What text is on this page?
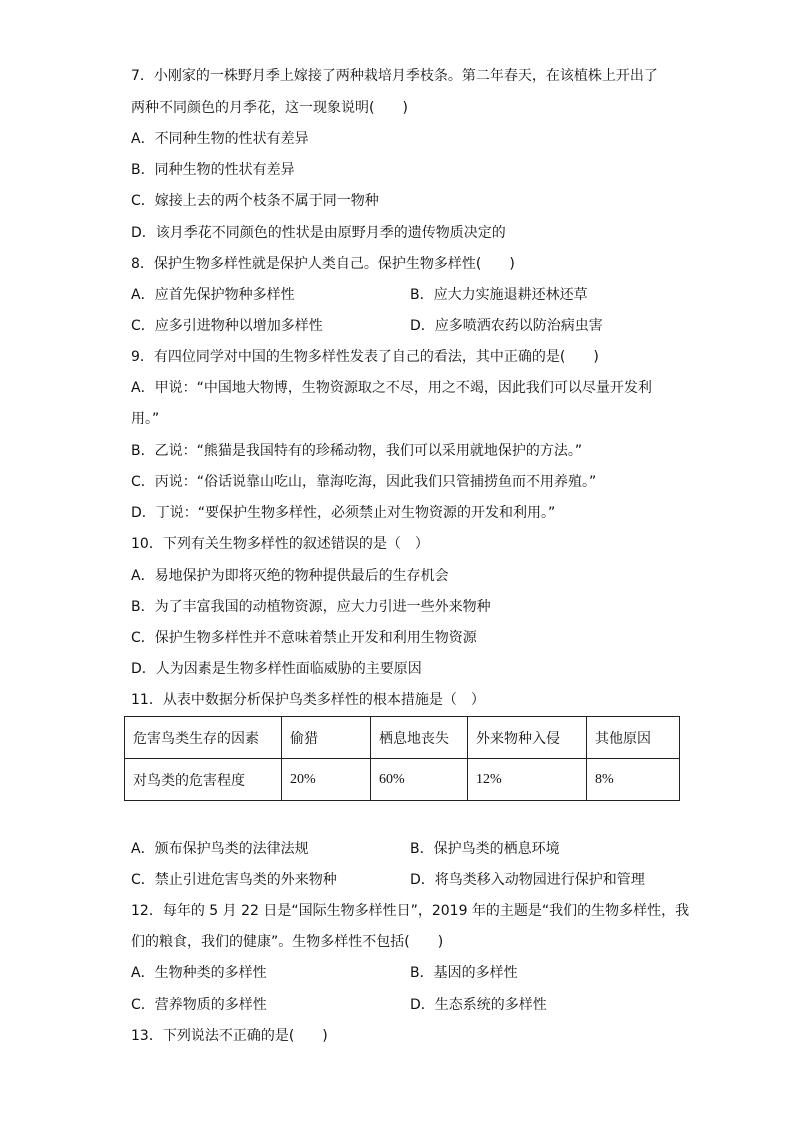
7．小刚家的一株野月季上嫁接了两种栽培月季枝条。第二年春天，在该植株上开出了
两种不同颜色的月季花，这一现象说明(　　)
A．不同种生物的性状有差异
B．同种生物的性状有差异
C．嫁接上去的两个枝条不属于同一物种
D．该月季花不同颜色的性状是由原野月季的遗传物质决定的
8．保护生物多样性就是保护人类自己。保护生物多样性(　　)
A．应首先保护物种多样性	B．应大力实施退耕还林还草
C．应多引进物种以增加多样性	D．应多喷洒农药以防治病虫害
9．有四位同学对中国的生物多样性发表了自己的看法，其中正确的是(　　)
A．甲说：“中国地大物博，生物资源取之不尽，用之不竭，因此我们可以尽量开发利
用。”
B．乙说：“熊猫是我国特有的珍稀动物，我们可以采用就地保护的方法。”
C．丙说：“俗话说靠山吃山，靠海吃海，因此我们只管捕捞鱼而不用养殖。”
D．丁说：“要保护生物多样性，必须禁止对生物资源的开发和利用。”
10．下列有关生物多样性的叙述错误的是（　）
A．易地保护为即将灭绝的物种提供最后的生存机会
B．为了丰富我国的动植物资源，应大力引进一些外来物种
C．保护生物多样性并不意味着禁止开发和利用生物资源
D．人为因素是生物多样性面临威胁的主要原因
11．从表中数据分析保护鸟类多样性的根本措施是（　）
危害鸟类生存的因素	偷猎	栖息地丧失	外来物种入侵	其他原因
对鸟类的危害程度	20%	60%	12%	8%
A．颁布保护鸟类的法律法规	B．保护鸟类的栖息环境
C．禁止引进危害鸟类的外来物种	D．将鸟类移入动物园进行保护和管理
12．每年的 5 月 22 日是“国际生物多样性日”，2019 年的主题是“我们的生物多样性，我
们的粮食，我们的健康”。生物多样性不包括(　　)
A．生物种类的多样性	B．基因的多样性
C．营养物质的多样性	D．生态系统的多样性
13．下列说法不正确的是(　　)
